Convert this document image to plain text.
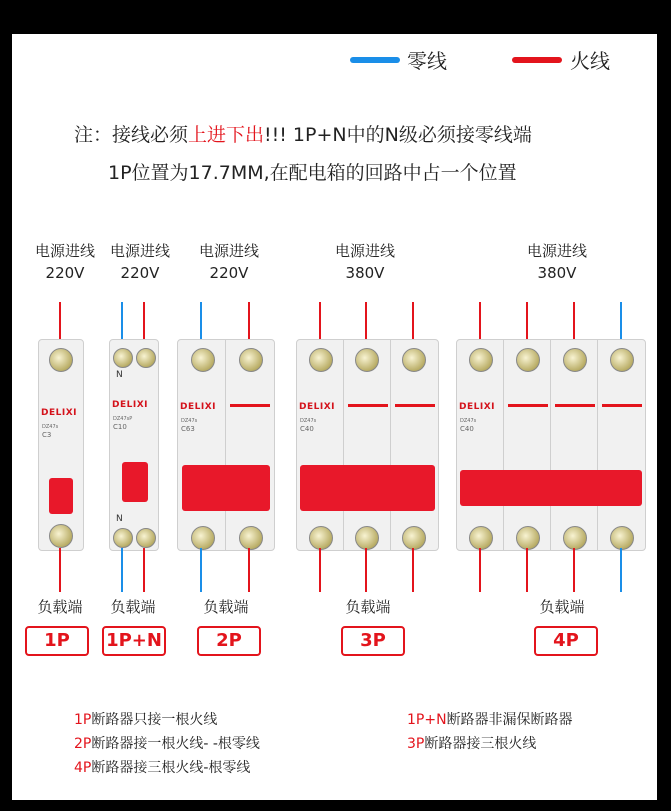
零线	火线
注：接线必须上进下出!!! 1P+N中的N级必须接零线端
1P位置为17.7MM,在配电箱的回路中占一个位置
电源进线
220V
电源进线
220V
电源进线
220V
电源进线
380V
电源进线
380V
DELIXI
DZ47s
C3
N
DELIXI
DZ47sP
C10
N
DELIXI
DZ47s
C63
DELIXI
DZ47s
C40
DELIXI
DZ47s
C40
负载端	负载端	负载端	负载端	负载端
1P	1P+N	2P	3P	4P
1P断路器只接一根火线
2P断路器接一根火线- -根零线
4P断路器接三根火线-根零线
1P+N断路器非漏保断路器
3P断路器接三根火线
